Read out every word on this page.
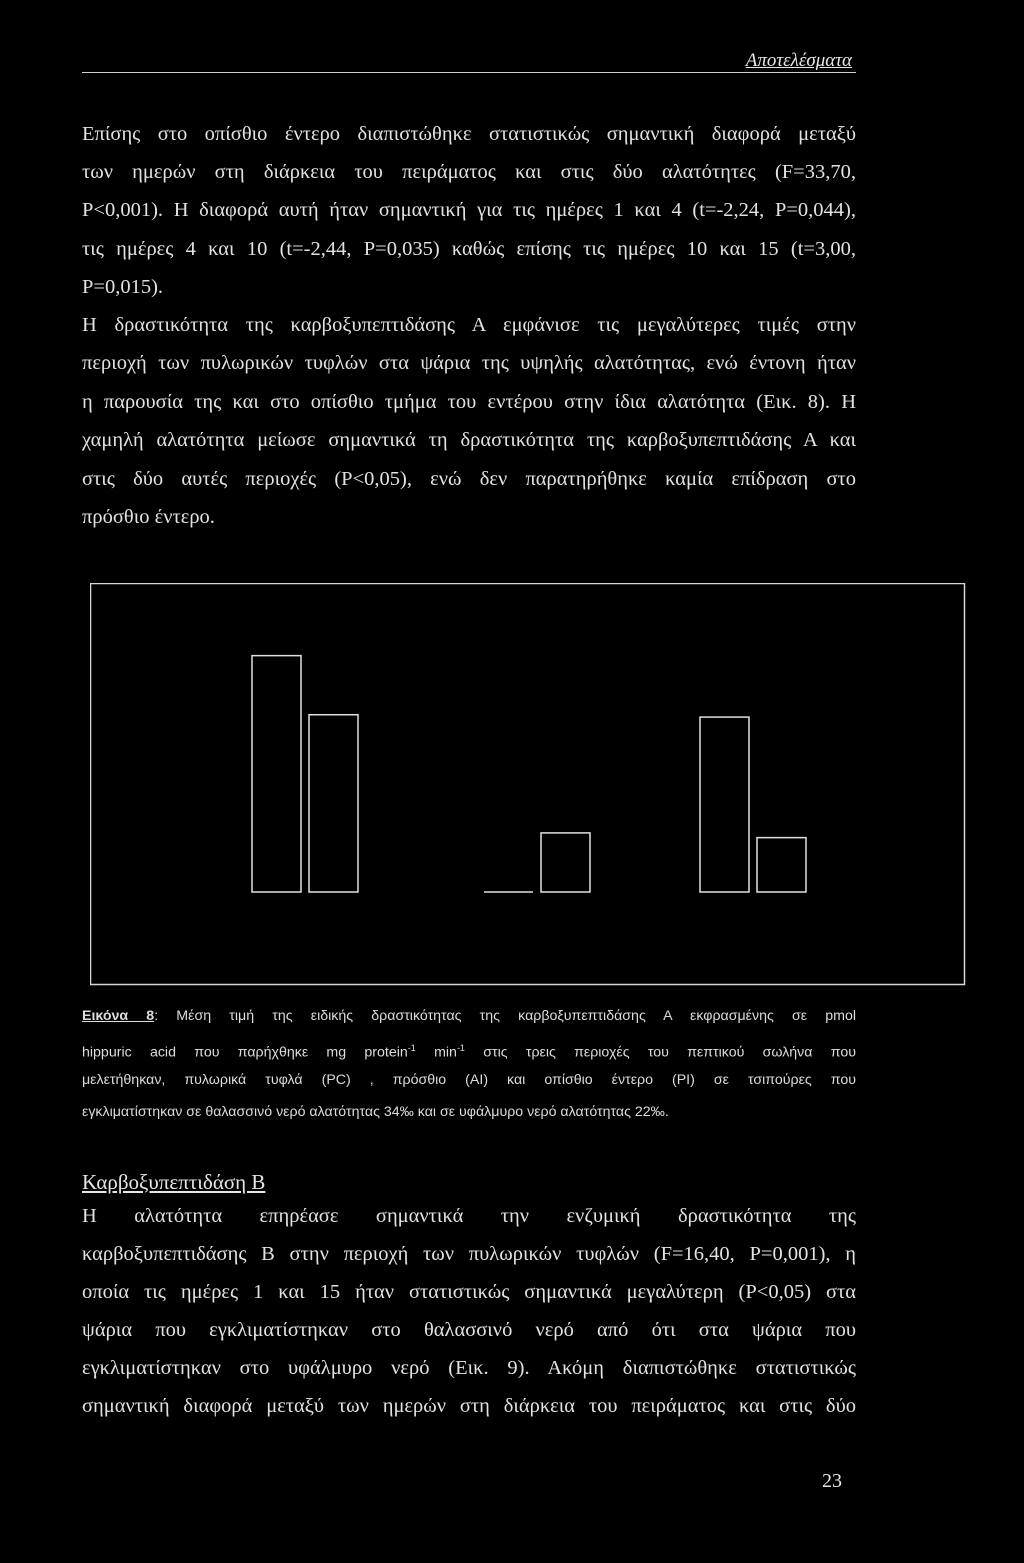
Αποτελέσματα
Επίσης στο οπίσθιο έντερο διαπιστώθηκε στατιστικώς σημαντική διαφορά μεταξύ
των ημερών στη διάρκεια του πειράματος και στις δύο αλατότητες (F=33,70,
P<0,001). Η διαφορά αυτή ήταν σημαντική για τις ημέρες 1 και 4 (t=-2,24, P=0,044),
τις ημέρες 4 και 10 (t=-2,44, P=0,035) καθώς επίσης τις ημέρες 10 και 15 (t=3,00,
P=0,015).
Η δραστικότητα της καρβοξυπεπτιδάσης Α εμφάνισε τις μεγαλύτερες τιμές στην
περιοχή των πυλωρικών τυφλών στα ψάρια της υψηλής αλατότητας, ενώ έντονη ήταν
η παρουσία της και στο οπίσθιο τμήμα του εντέρου στην ίδια αλατότητα (Εικ. 8). Η
χαμηλή αλατότητα μείωσε σημαντικά τη δραστικότητα της καρβοξυπεπτιδάσης Α και
στις δύο αυτές περιοχές (P<0,05), ενώ δεν παρατηρήθηκε καμία επίδραση στο
πρόσθιο έντερο.
Εικόνα 8: Μέση τιμή της ειδικής δραστικότητας της καρβοξυπεπτιδάσης Α εκφρασμένης σε pmol
hippuric acid που παρήχθηκε mg protein$^{-1}$ $\min^{-1} \sigma\tau\iota\varsigma$ τρεις περιοχές του πεπτικού σωλήνα που
μελετήθηκαν, πυλωρικά τυφλά (PC) , πρόσθιο (AI) και οπίσθιο έντερο (PI) σε τσιπούρες που
εγκλιματίστηκαν σε θαλασσινό νερό αλατότητας 34‰ και σε υφάλμυρο νερό αλατότητας 22‰.
Καρβοξυπεπτιδάση Β
Η αλατότητα επηρέασε σημαντικά την ενζυμική δραστικότητα της
καρβοξυπεπτιδάσης Β στην περιοχή των πυλωρικών τυφλών (F=16,40, P=0,001), η
οποία τις ημέρες 1 και 15 ήταν στατιστικώς σημαντικά μεγαλύτερη (P<0,05) στα
ψάρια που εγκλιματίστηκαν στο θαλασσινό νερό από ότι στα ψάρια που
εγκλιματίστηκαν στο υφάλμυρο νερό (Εικ. 9). Ακόμη διαπιστώθηκε στατιστικώς
σημαντική διαφορά μεταξύ των ημερών στη διάρκεια του πειράματος και στις δύο
23
